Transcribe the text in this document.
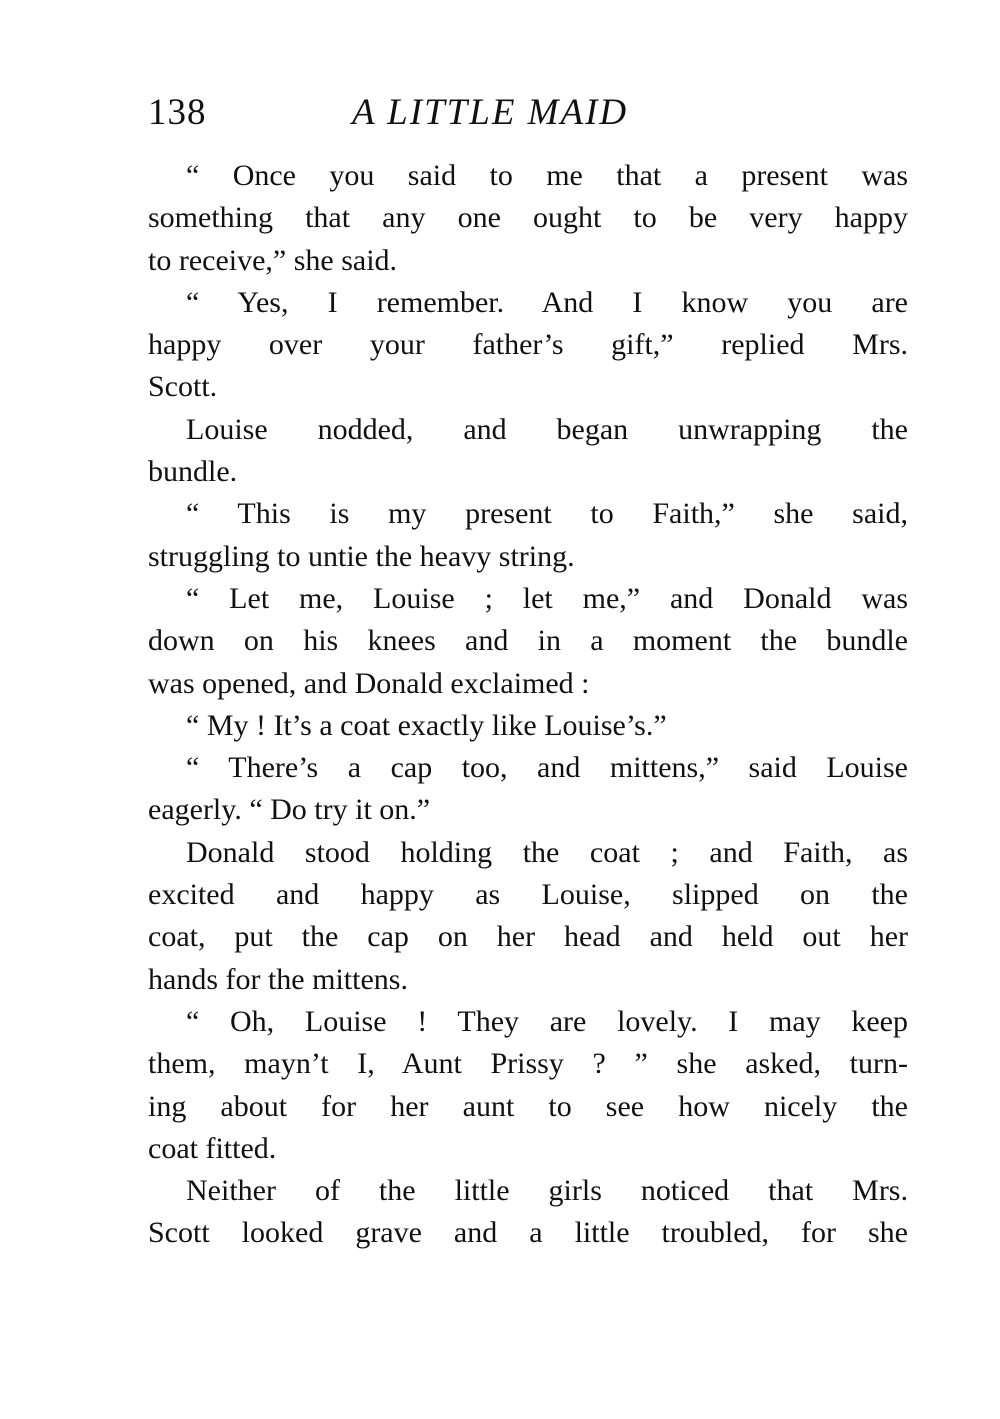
138	A LITTLE MAID
“ Once you said to me that a present was
something that any one ought to be very happy
to receive,” she said.
“ Yes, I remember. And I know you are
happy over your father’s gift,” replied Mrs.
Scott.
Louise nodded, and began unwrapping the
bundle.
“ This is my present to Faith,” she said,
struggling to untie the heavy string.
“ Let me, Louise ; let me,” and Donald was
down on his knees and in a moment the bundle
was opened, and Donald exclaimed :
“ My ! It’s a coat exactly like Louise’s.”
“ There’s a cap too, and mittens,” said Louise
eagerly. “ Do try it on.”
Donald stood holding the coat ; and Faith, as
excited and happy as Louise, slipped on the
coat, put the cap on her head and held out her
hands for the mittens.
“ Oh, Louise ! They are lovely. I may keep
them, mayn’t I, Aunt Prissy ? ” she asked, turn-
ing about for her aunt to see how nicely the
coat fitted.
Neither of the little girls noticed that Mrs.
Scott looked grave and a little troubled, for she
